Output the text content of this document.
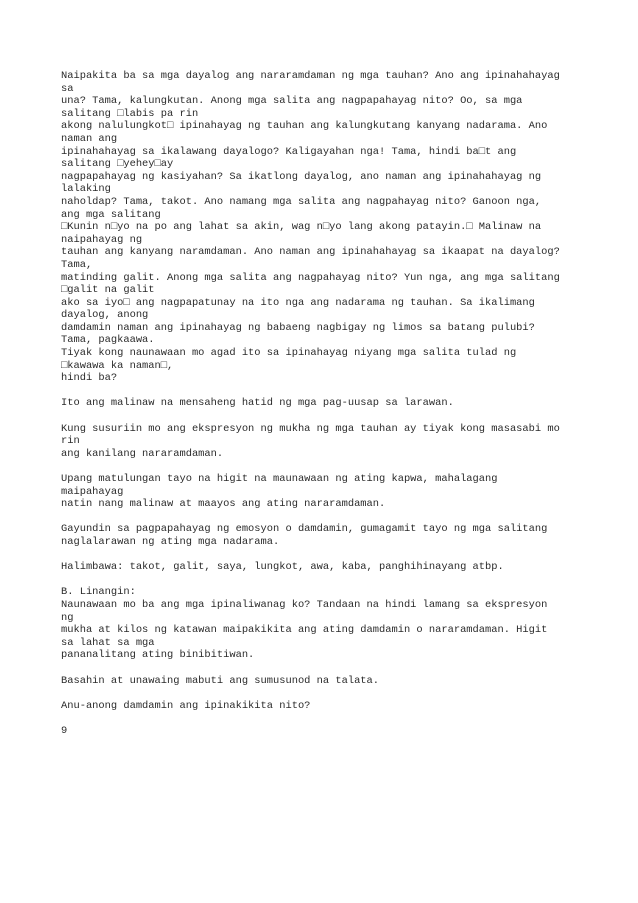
Naipakita ba sa mga dayalog ang nararamdaman ng mga tauhan? Ano ang ipinahahayag
sa
una? Tama, kalungkutan. Anong mga salita ang nagpapahayag nito? Oo, sa mga
salitang □labis pa rin
akong nalulungkot□ ipinahayag ng tauhan ang kalungkutang kanyang nadarama. Ano
naman ang
ipinahahayag sa ikalawang dayalogo? Kaligayahan nga! Tama, hindi ba□t ang
salitang □yehey□ay
nagpapahayag ng kasiyahan? Sa ikatlong dayalog, ano naman ang ipinahahayag ng
lalaking
naholdap? Tama, takot. Ano namang mga salita ang nagpahayag nito? Ganoon nga,
ang mga salitang
□Kunin n□yo na po ang lahat sa akin, wag n□yo lang akong patayin.□ Malinaw na
naipahayag ng
tauhan ang kanyang naramdaman. Ano naman ang ipinahahayag sa ikaapat na dayalog?
Tama,
matinding galit. Anong mga salita ang nagpahayag nito? Yun nga, ang mga salitang
□galit na galit
ako sa iyo□ ang nagpapatunay na ito nga ang nadarama ng tauhan. Sa ikalimang
dayalog, anong
damdamin naman ang ipinahayag ng babaeng nagbigay ng limos sa batang pulubi?
Tama, pagkaawa.
Tiyak kong naunawaan mo agad ito sa ipinahayag niyang mga salita tulad ng
□kawawa ka naman□,
hindi ba?
Ito ang malinaw na mensaheng hatid ng mga pag-uusap sa larawan.
Kung susuriin mo ang ekspresyon ng mukha ng mga tauhan ay tiyak kong masasabi mo
rin
ang kanilang nararamdaman.
Upang matulungan tayo na higit na maunawaan ng ating kapwa, mahalagang
maipahayag
natin nang malinaw at maayos ang ating nararamdaman.
Gayundin sa pagpapahayag ng emosyon o damdamin, gumagamit tayo ng mga salitang
naglalarawan ng ating mga nadarama.
Halimbawa: takot, galit, saya, lungkot, awa, kaba, panghihinayang atbp.
B. Linangin:
Naunawaan mo ba ang mga ipinaliwanag ko? Tandaan na hindi lamang sa ekspresyon
ng
mukha at kilos ng katawan maipakikita ang ating damdamin o nararamdaman. Higit
sa lahat sa mga
pananalitang ating binibitiwan.
Basahin at unawaing mabuti ang sumusunod na talata.
Anu-anong damdamin ang ipinakikita nito?
9
